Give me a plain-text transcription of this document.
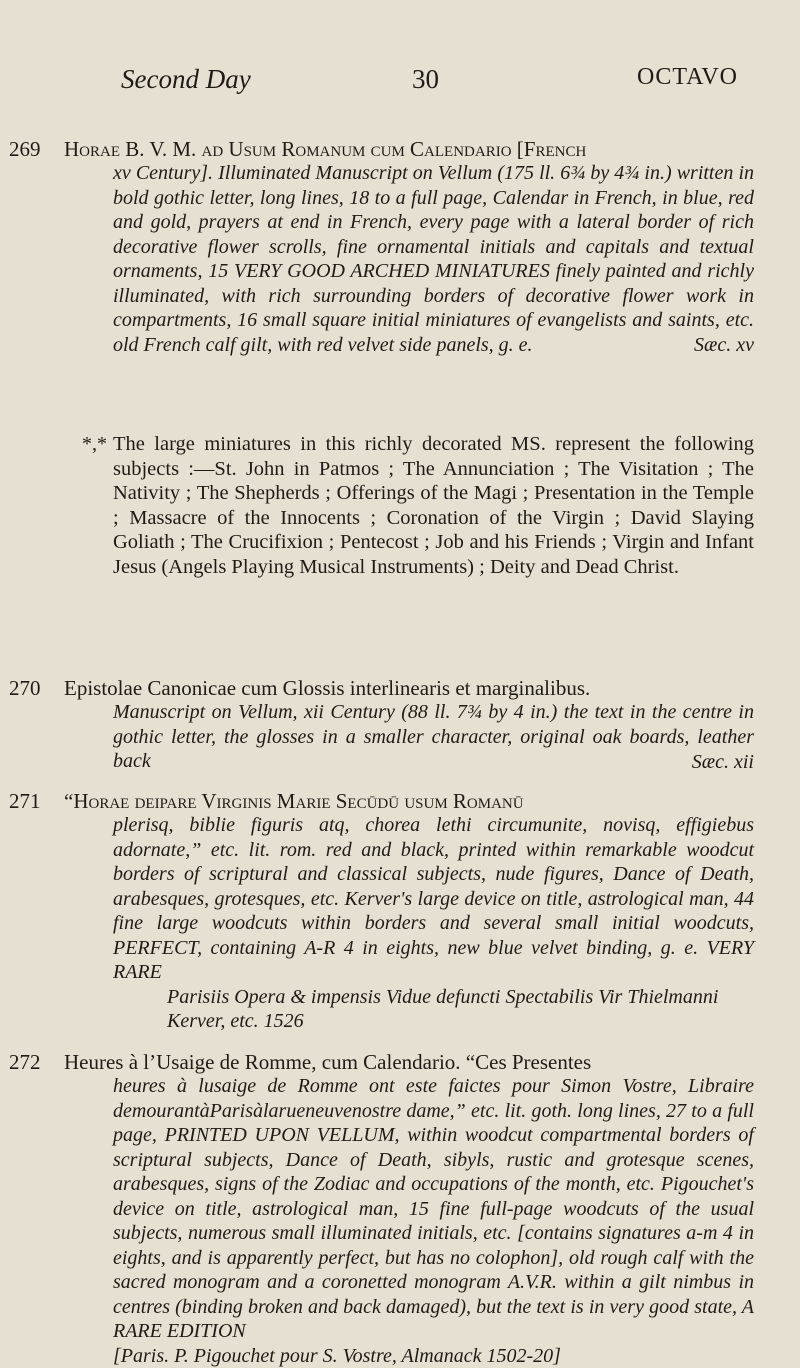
Second Day	30	OCTAVO
269 Horae B. V. M. ad Usum Romanum cum Calendario [French

xv Century]. Illuminated Manuscript on Vellum (175 ll. 6¾ by 4¾ in.) written in bold gothic letter, long lines, 18 to a full page, Calendar in French, in blue, red and gold, prayers at end in French, every page with a lateral border of rich decorative flower scrolls, fine ornamental initials and capitals and textual ornaments, 15 VERY GOOD ARCHED MINIATURES finely painted and richly illuminated, with rich surrounding borders of decorative flower work in compartments, 16 small square initial miniatures of evangelists and saints, etc. old French calf gilt, with red velvet side panels, g. e.	Sæc. xv

*,* The large miniatures in this richly decorated MS. represent the following subjects :—St. John in Patmos ; The Annunciation ; The Visitation ; The Nativity ; The Shepherds ; Offerings of the Magi ; Presentation in the Temple ; Massacre of the Innocents ; Coronation of the Virgin ; David Slaying Goliath ; The Crucifixion ; Pentecost ; Job and his Friends ; Virgin and Infant Jesus (Angels Playing Musical Instruments) ; Deity and Dead Christ.

270 Epistolae Canonicae cum Glossis interlinearis et marginalibus.

Manuscript on Vellum, xii Century (88 ll. 7¾ by 4 in.) the text in the centre in gothic letter, the glosses in a smaller character, original oak boards, leather back	Sæc. xii

271 “Horae deipare Virginis Marie Secūdū usum Romanū

plerisq, biblie figuris atq, chorea lethi circumunite, novisq, effigiebus adornate,” etc. lit. rom. red and black, printed within remarkable woodcut borders of scriptural and classical subjects, nude figures, Dance of Death, arabesques, grotesques, etc. Kerver's large device on title, astrological man, 44 fine large woodcuts within borders and several small initial woodcuts, PERFECT, containing A-R 4 in eights, new blue velvet binding, g. e. VERY RARE

Parisiis Opera & impensis Vidue defuncti Spectabilis Vir Thielmanni Kerver, etc. 1526

272 Heures à l’Usaige de Romme, cum Calendario. “Ces Presentes

heures à lusaige de Romme ont este faictes pour Simon Vostre, Libraire demourantàParisàlarueneuvenostre dame,” etc. lit. goth. long lines, 27 to a full page, PRINTED UPON VELLUM, within woodcut compartmental borders of scriptural subjects, Dance of Death, sibyls, rustic and grotesque scenes, arabesques, signs of the Zodiac and occupations of the month, etc. Pigouchet's device on title, astrological man, 15 fine full-page woodcuts of the usual subjects, numerous small illuminated initials, etc. [contains signatures a-m 4 in eights, and is apparently perfect, but has no colophon], old rough calf with the sacred monogram and a coronetted monogram A.V.R. within a gilt nimbus in centres (binding broken and back damaged), but the text is in very good state, A RARE EDITION

[Paris. P. Pigouchet pour S. Vostre, Almanack 1502-20]
